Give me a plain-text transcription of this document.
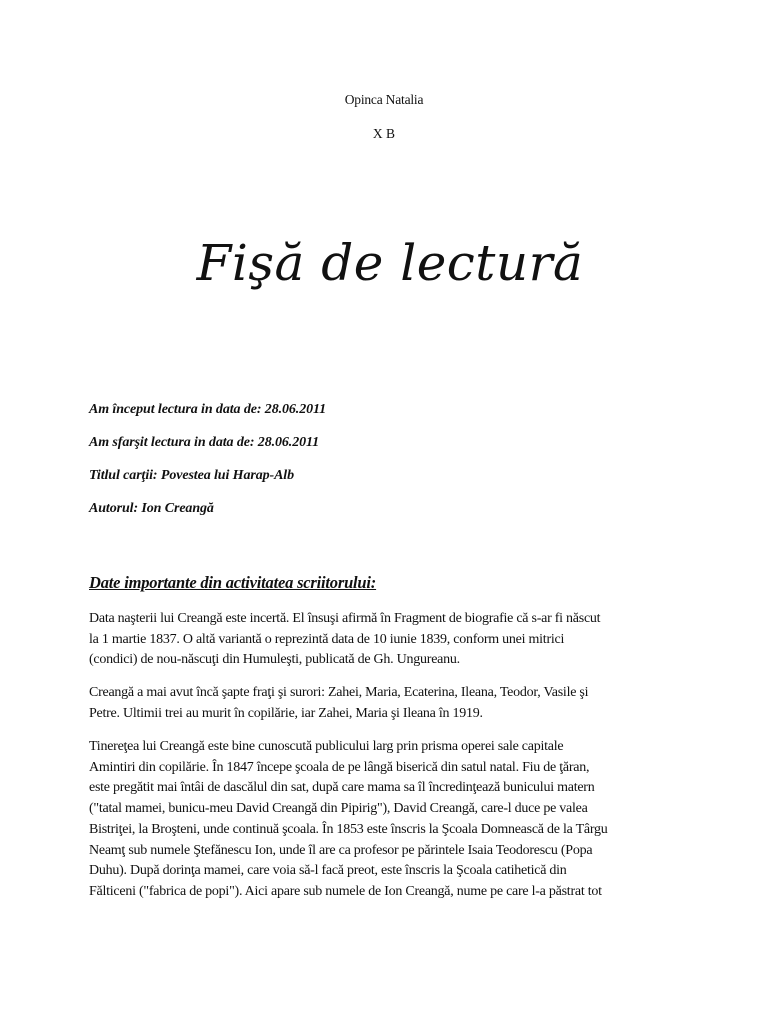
Opinca Natalia
X B
Fişă de lectură
Am început lectura in data de: 28.06.2011
Am sfarşit lectura in data de: 28.06.2011
Titlul carţii: Povestea lui Harap-Alb
Autorul: Ion Creangă
Date importante din activitatea scriitorului:
Data naşterii lui Creangă este incertă. El însuşi afirmă în Fragment de biografie că s-ar fi născut
la 1 martie 1837. O altă variantă o reprezintă data de 10 iunie 1839, conform unei mitrici
(condici) de nou-născuţi din Humuleşti, publicată de Gh. Ungureanu.
Creangă a mai avut încă şapte fraţi şi surori: Zahei, Maria, Ecaterina, Ileana, Teodor, Vasile şi
Petre. Ultimii trei au murit în copilărie, iar Zahei, Maria şi Ileana în 1919.
Tinereţea lui Creangă este bine cunoscută publicului larg prin prisma operei sale capitale
Amintiri din copilărie. În 1847 începe şcoala de pe lângă biserică din satul natal. Fiu de ţăran,
este pregătit mai întâi de dascălul din sat, după care mama sa îl încredinţează bunicului matern
("tatal mamei, bunicu-meu David Creangă din Pipirig"), David Creangă, care-l duce pe valea
Bistriţei, la Broşteni, unde continuă şcoala. În 1853 este înscris la Şcoala Domnească de la Târgu
Neamţ sub numele Ştefănescu Ion, unde îl are ca profesor pe părintele Isaia Teodorescu (Popa
Duhu). După dorinţa mamei, care voia să-l facă preot, este înscris la Şcoala catihetică din
Fălticeni ("fabrica de popi"). Aici apare sub numele de Ion Creangă, nume pe care l-a păstrat tot
